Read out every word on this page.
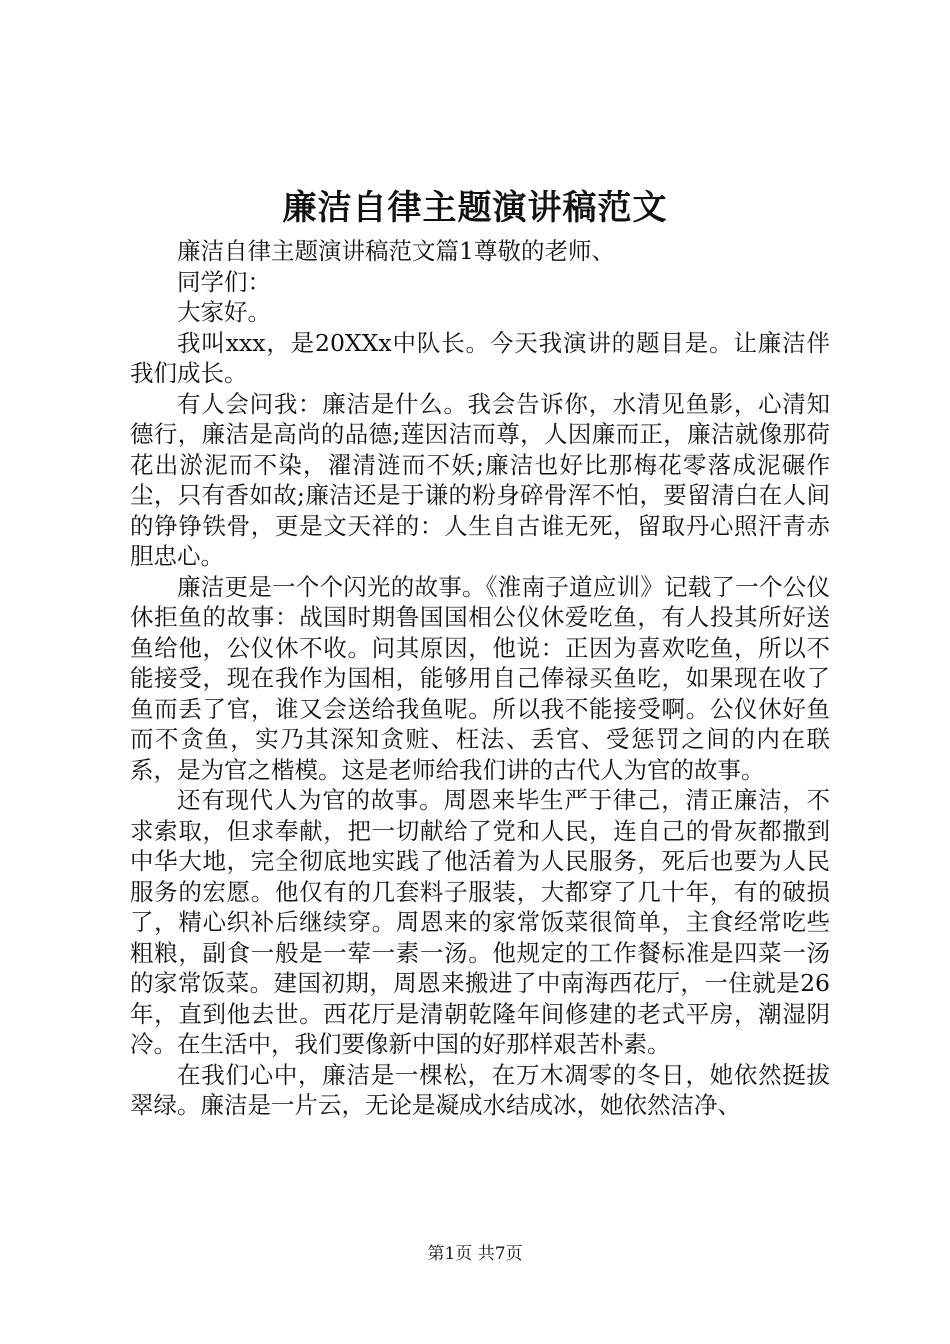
廉洁自律主题演讲稿范文

廉洁自律主题演讲稿范文篇1尊敬的老师、

同学们：

大家好。

我叫xxx，是20XXx中队长。今天我演讲的题目是。让廉洁伴我们成长。

有人会问我：廉洁是什么。我会告诉你，水清见鱼影，心清知德行，廉洁是高尚的品德;莲因洁而尊，人因廉而正，廉洁就像那荷花出淤泥而不染，濯清涟而不妖;廉洁也好比那梅花零落成泥碾作尘，只有香如故;廉洁还是于谦的粉身碎骨浑不怕，要留清白在人间的铮铮铁骨，更是文天祥的：人生自古谁无死，留取丹心照汗青赤胆忠心。

廉洁更是一个个闪光的故事。《淮南子道应训》记载了一个公仪休拒鱼的故事：战国时期鲁国国相公仪休爱吃鱼，有人投其所好送鱼给他，公仪休不收。问其原因，他说：正因为喜欢吃鱼，所以不能接受，现在我作为国相，能够用自己俸禄买鱼吃，如果现在收了鱼而丢了官，谁又会送给我鱼呢。所以我不能接受啊。公仪休好鱼而不贪鱼，实乃其深知贪赃、枉法、丢官、受惩罚之间的内在联系，是为官之楷模。这是老师给我们讲的古代人为官的故事。

还有现代人为官的故事。周恩来毕生严于律己，清正廉洁，不求索取，但求奉献，把一切献给了党和人民，连自己的骨灰都撒到中华大地，完全彻底地实践了他活着为人民服务，死后也要为人民服务的宏愿。他仅有的几套料子服装，大都穿了几十年，有的破损了，精心织补后继续穿。周恩来的家常饭菜很简单，主食经常吃些粗粮，副食一般是一荤一素一汤。他规定的工作餐标准是四菜一汤的家常饭菜。建国初期，周恩来搬进了中南海西花厅，一住就是26年，直到他去世。西花厅是清朝乾隆年间修建的老式平房，潮湿阴冷。在生活中，我们要像新中国的好那样艰苦朴素。

在我们心中，廉洁是一棵松，在万木凋零的冬日，她依然挺拔翠绿。廉洁是一片云，无论是凝成水结成冰，她依然洁净、

第1页 共7页
